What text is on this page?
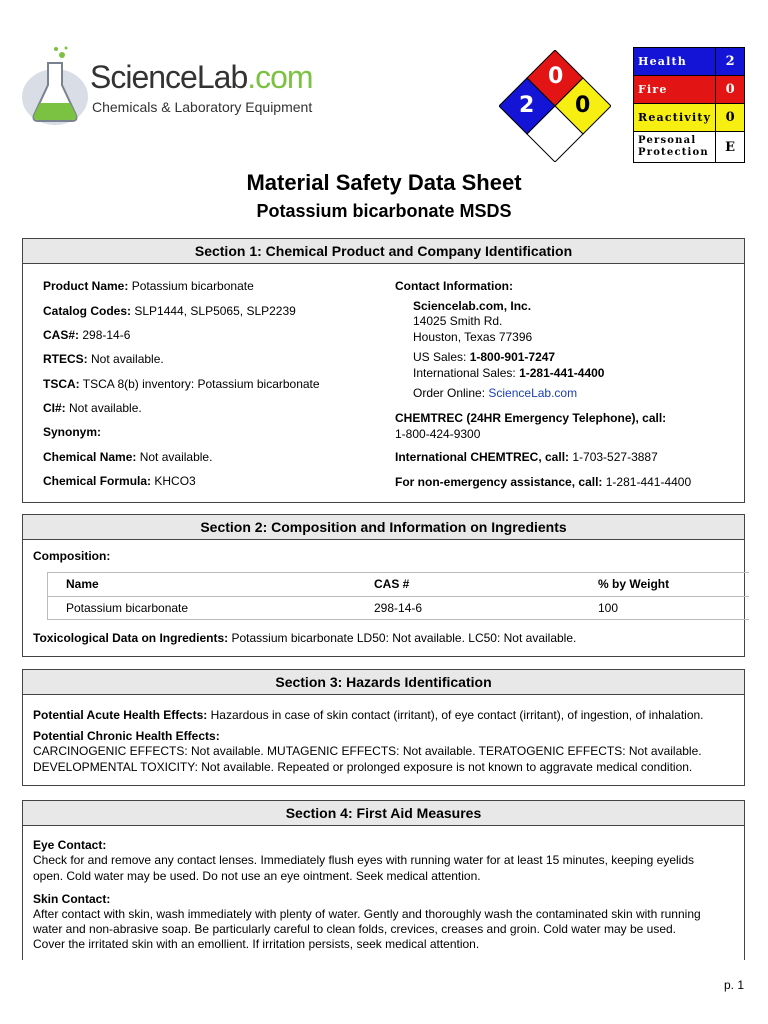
ScienceLab.com
Chemicals & Laboratory Equipment
0
2 0
Health	2
Fire	0
Reactivity	0
Personal Protection	E
Material Safety Data Sheet
Potassium bicarbonate MSDS
Section 1: Chemical Product and Company Identification
Product Name: Potassium bicarbonate
Catalog Codes: SLP1444, SLP5065, SLP2239
CAS#: 298-14-6
RTECS: Not available.
TSCA: TSCA 8(b) inventory: Potassium bicarbonate
CI#: Not available.
Synonym:
Chemical Name: Not available.
Chemical Formula: KHCO3
Contact Information:
Sciencelab.com, Inc.
14025 Smith Rd.
Houston, Texas 77396
US Sales: 1-800-901-7247
International Sales: 1-281-441-4400
Order Online: ScienceLab.com
CHEMTREC (24HR Emergency Telephone), call:
1-800-424-9300
International CHEMTREC, call: 1-703-527-3887
For non-emergency assistance, call: 1-281-441-4400
Section 2: Composition and Information on Ingredients
Composition:
Name	CAS #	% by Weight
Potassium bicarbonate	298-14-6	100
Toxicological Data on Ingredients: Potassium bicarbonate LD50: Not available. LC50: Not available.
Section 3: Hazards Identification
Potential Acute Health Effects: Hazardous in case of skin contact (irritant), of eye contact (irritant), of ingestion, of inhalation.
Potential Chronic Health Effects:
CARCINOGENIC EFFECTS: Not available. MUTAGENIC EFFECTS: Not available. TERATOGENIC EFFECTS: Not available.
DEVELOPMENTAL TOXICITY: Not available. Repeated or prolonged exposure is not known to aggravate medical condition.
Section 4: First Aid Measures
Eye Contact:
Check for and remove any contact lenses. Immediately flush eyes with running water for at least 15 minutes, keeping eyelids
open. Cold water may be used. Do not use an eye ointment. Seek medical attention.
Skin Contact:
After contact with skin, wash immediately with plenty of water. Gently and thoroughly wash the contaminated skin with running
water and non-abrasive soap. Be particularly careful to clean folds, crevices, creases and groin. Cold water may be used.
Cover the irritated skin with an emollient. If irritation persists, seek medical attention.
p. 1
